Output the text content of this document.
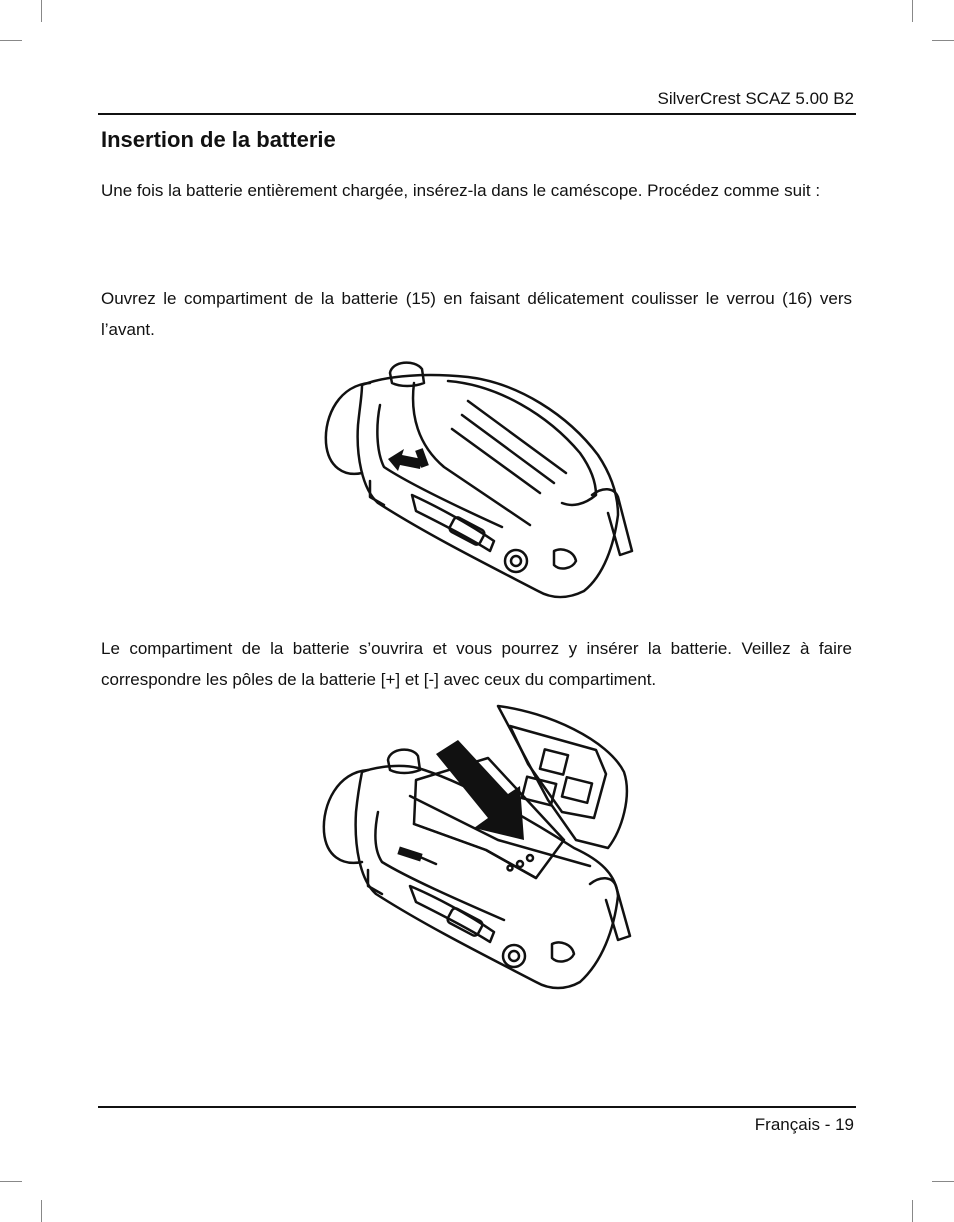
SilverCrest SCAZ 5.00 B2
Insertion de la batterie

Une fois la batterie entièrement chargée, insérez-la dans le caméscope. Procédez comme suit :

Ouvrez le compartiment de la batterie (15) en faisant délicatement coulisser le verrou (16) vers l’avant.

Le compartiment de la batterie s’ouvrira et vous pourrez y insérer la batterie. Veillez à faire correspondre les pôles de la batterie [+] et [-] avec ceux du compartiment.

Français - 19
